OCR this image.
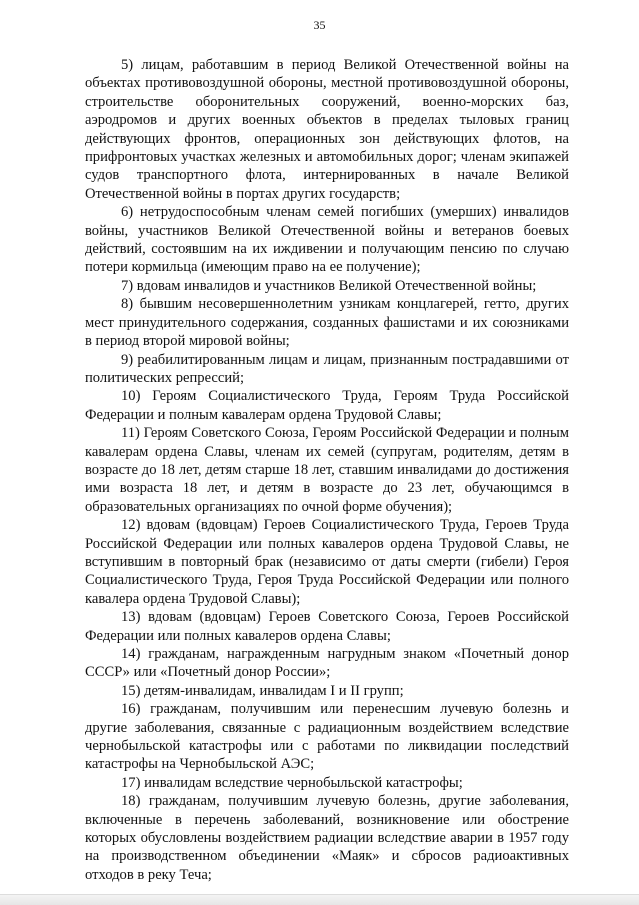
35

5) лицам, работавшим в период Великой Отечественной войны на объектах противовоздушной обороны, местной противовоздушной обороны, строительстве оборонительных сооружений, военно-морских баз, аэродромов и других военных объектов в пределах тыловых границ действующих фронтов, операционных зон действующих флотов, на прифронтовых участках железных и автомобильных дорог; членам экипажей судов транспортного флота, интернированных в начале Великой Отечественной войны в портах других государств;

6) нетрудоспособным членам семей погибших (умерших) инвалидов войны, участников Великой Отечественной войны и ветеранов боевых действий, состоявшим на их иждивении и получающим пенсию по случаю потери кормильца (имеющим право на ее получение);

7) вдовам инвалидов и участников Великой Отечественной войны;

8) бывшим несовершеннолетним узникам концлагерей, гетто, других мест принудительного содержания, созданных фашистами и их союзниками в период второй мировой войны;

9) реабилитированным лицам и лицам, признанным пострадавшими от политических репрессий;

10) Героям Социалистического Труда, Героям Труда Российской Федерации и полным кавалерам ордена Трудовой Славы;

11) Героям Советского Союза, Героям Российской Федерации и полным кавалерам ордена Славы, членам их семей (супругам, родителям, детям в возрасте до 18 лет, детям старше 18 лет, ставшим инвалидами до достижения ими возраста 18 лет, и детям в возрасте до 23 лет, обучающимся в образовательных организациях по очной форме обучения);

12) вдовам (вдовцам) Героев Социалистического Труда, Героев Труда Российской Федерации или полных кавалеров ордена Трудовой Славы, не вступившим в повторный брак (независимо от даты смерти (гибели) Героя Социалистического Труда, Героя Труда Российской Федерации или полного кавалера ордена Трудовой Славы);

13) вдовам (вдовцам) Героев Советского Союза, Героев Российской Федерации или полных кавалеров ордена Славы;

14) гражданам, награжденным нагрудным знаком «Почетный донор СССР» или «Почетный донор России»;

15) детям-инвалидам, инвалидам I и II групп;

16) гражданам, получившим или перенесшим лучевую болезнь и другие заболевания, связанные с радиационным воздействием вследствие чернобыльской катастрофы или с работами по ликвидации последствий катастрофы на Чернобыльской АЭС;

17) инвалидам вследствие чернобыльской катастрофы;

18) гражданам, получившим лучевую болезнь, другие заболевания, включенные в перечень заболеваний, возникновение или обострение которых обусловлены воздействием радиации вследствие аварии в 1957 году на производственном объединении «Маяк» и сбросов радиоактивных отходов в реку Теча;
